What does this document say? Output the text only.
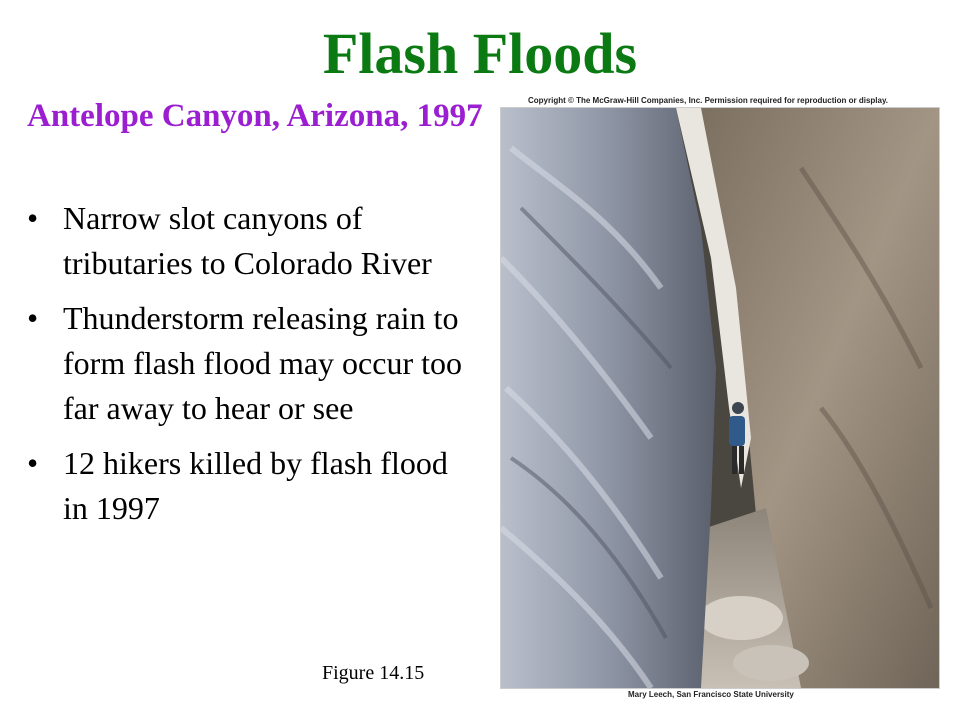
Flash Floods
Antelope Canyon, Arizona, 1997
• Narrow slot canyons of tributaries to Colorado River
• Thunderstorm releasing rain to form flash flood may occur too far away to hear or see
• 12 hikers killed by flash flood in 1997
Figure 14.15
Copyright © The McGraw-Hill Companies, Inc. Permission required for reproduction or display.
Mary Leech, San Francisco State University
